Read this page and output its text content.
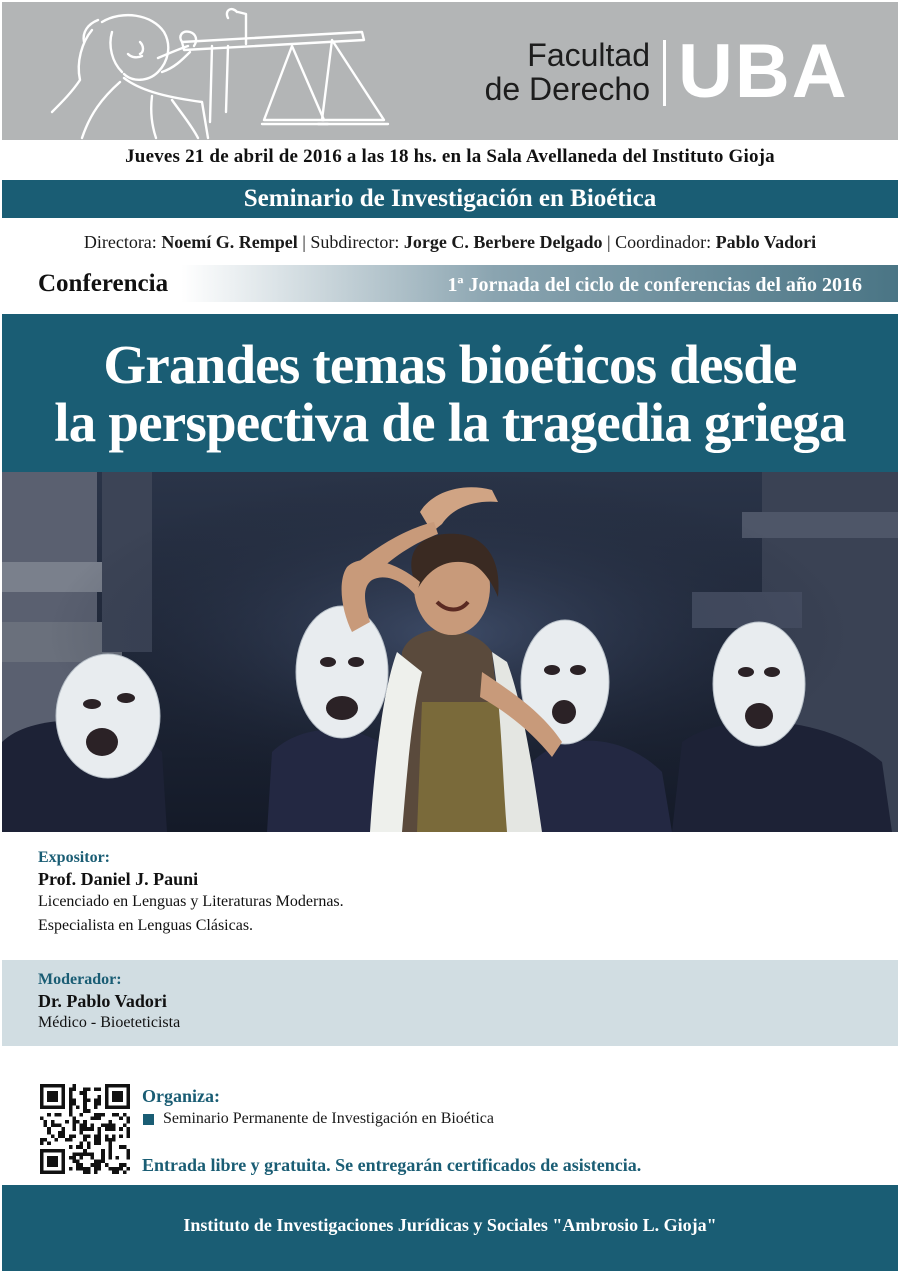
Facultad
de Derecho UBA
Jueves 21 de abril de 2016 a las 18 hs. en la Sala Avellaneda del Instituto Gioja
Seminario de Investigación en Bioética
Directora: Noemí G. Rempel | Subdirector: Jorge C. Berbere Delgado | Coordinador: Pablo Vadori
Conferencia	1ª Jornada del ciclo de conferencias del año 2016
Grandes temas bioéticos desde
la perspectiva de la tragedia griega
Expositor:
Prof. Daniel J. Pauni
Licenciado en Lenguas y Literaturas Modernas.
Especialista en Lenguas Clásicas.
Moderador:
Dr. Pablo Vadori
Médico - Bioeteticista
Organiza:
Seminario Permanente de Investigación en Bioética
Entrada libre y gratuita. Se entregarán certificados de asistencia.
Instituto de Investigaciones Jurídicas y Sociales "Ambrosio L. Gioja"
